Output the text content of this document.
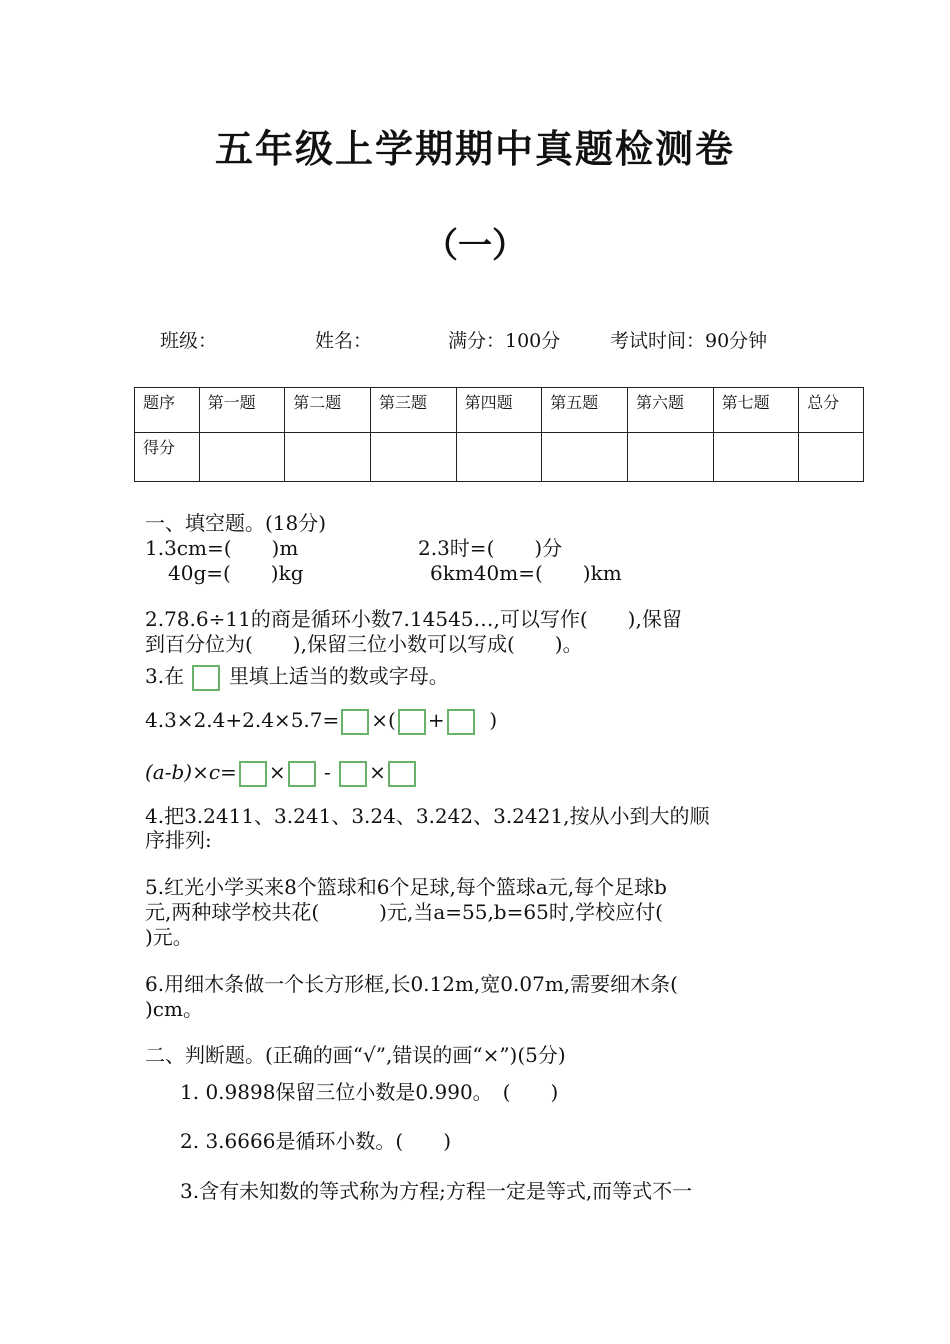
五年级上学期期中真题检测卷
（一）
班级：	姓名：	满分：100分	考试时间：90分钟
题序	第一题	第二题	第三题	第四题	第五题	第六题	第七题	总分
得分								
一、填空题。(18分)
1.3cm=(　　)m	2.3时=(　　)分
40g=(　　)kg	6km40m=(　　)km
2.78.6÷11的商是循环小数7.14545…,可以写作(　　),保留
到百分位为(　　),保留三位小数可以写成(　　)。
3.在 里填上适当的数或字母。
4.3×2.4+2.4×5.7= ×( + )
(a-b)×c= × - ×
4.把3.2411、3.241、3.24、3.242、3.2421,按从小到大的顺
序排列:
5.红光小学买来8个篮球和6个足球,每个篮球a元,每个足球b
元,两种球学校共花(　　　)元,当a=55,b=65时,学校应付(
)元。
6.用细木条做一个长方形框,长0.12m,宽0.07m,需要细木条(
)cm。
二、判断题。(正确的画“√”,错误的画“×”)(5分)
1. 0.9898保留三位小数是0.990。　(　　)
2. 3.6666是循环小数。(　　)
3.含有未知数的等式称为方程;方程一定是等式,而等式不一
